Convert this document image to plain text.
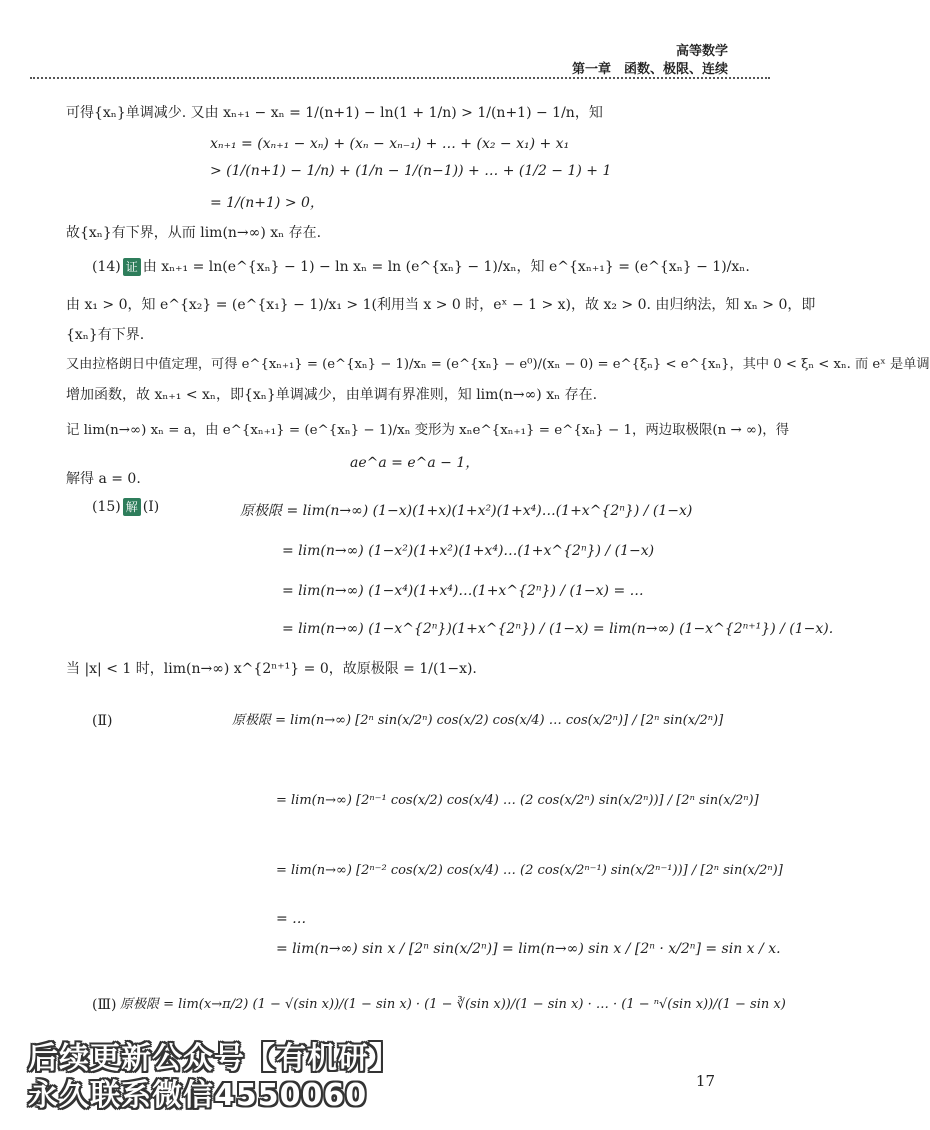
高等数学
第一章　函数、极限、连续
可得{xₙ}单调减少. 又由 xₙ₊₁ − xₙ = 1/(n+1) − ln(1 + 1/n) > 1/(n+1) − 1/n，知
xₙ₊₁ = (xₙ₊₁ − xₙ) + (xₙ − xₙ₋₁) + … + (x₂ − x₁) + x₁
> (1/(n+1) − 1/n) + (1/n − 1/(n−1)) + … + (1/2 − 1) + 1
= 1/(n+1) > 0，
故{xₙ}有下界，从而 lim(n→∞) xₙ 存在.
(14) 证 由 xₙ₊₁ = ln(e^{xₙ} − 1) − ln xₙ = ln (e^{xₙ} − 1)/xₙ，知 e^{xₙ₊₁} = (e^{xₙ} − 1)/xₙ.
由 x₁ > 0，知 e^{x₂} = (e^{x₁} − 1)/x₁ > 1(利用当 x > 0 时，eˣ − 1 > x)，故 x₂ > 0. 由归纳法，知 xₙ > 0，即
{xₙ}有下界.
又由拉格朗日中值定理，可得 e^{xₙ₊₁} = (e^{xₙ} − 1)/xₙ = (e^{xₙ} − e⁰)/(xₙ − 0) = e^{ξₙ} < e^{xₙ}，其中 0 < ξₙ < xₙ. 而 eˣ 是单调
增加函数，故 xₙ₊₁ < xₙ，即{xₙ}单调减少，由单调有界准则，知 lim(n→∞) xₙ 存在.
记 lim(n→∞) xₙ = a，由 e^{xₙ₊₁} = (e^{xₙ} − 1)/xₙ 变形为 xₙe^{xₙ₊₁} = e^{xₙ} − 1，两边取极限(n → ∞)，得
ae^a = e^a − 1，
解得 a = 0.
(15) 解 (Ⅰ)	原极限 = lim(n→∞) (1−x)(1+x)(1+x²)(1+x⁴)…(1+x^{2ⁿ}) / (1−x)
= lim(n→∞) (1−x²)(1+x²)(1+x⁴)…(1+x^{2ⁿ}) / (1−x)
= lim(n→∞) (1−x⁴)(1+x⁴)…(1+x^{2ⁿ}) / (1−x) = …
= lim(n→∞) (1−x^{2ⁿ})(1+x^{2ⁿ}) / (1−x) = lim(n→∞) (1−x^{2ⁿ⁺¹}) / (1−x).
当 |x| < 1 时，lim(n→∞) x^{2ⁿ⁺¹} = 0，故原极限 = 1/(1−x).
(Ⅱ)	原极限 = lim(n→∞) [2ⁿ sin(x/2ⁿ) cos(x/2) cos(x/4) … cos(x/2ⁿ)] / [2ⁿ sin(x/2ⁿ)]
= lim(n→∞) [2ⁿ⁻¹ cos(x/2) cos(x/4) … (2 cos(x/2ⁿ) sin(x/2ⁿ))] / [2ⁿ sin(x/2ⁿ)]
= lim(n→∞) [2ⁿ⁻² cos(x/2) cos(x/4) … (2 cos(x/2ⁿ⁻¹) sin(x/2ⁿ⁻¹))] / [2ⁿ sin(x/2ⁿ)]
= …
= lim(n→∞) sin x / [2ⁿ sin(x/2ⁿ)] = lim(n→∞) sin x / [2ⁿ · x/2ⁿ] = sin x / x.
(Ⅲ) 原极限 = lim(x→π/2) (1 − √(sin x))/(1 − sin x) · (1 − ∛(sin x))/(1 − sin x) · … · (1 − ⁿ√(sin x))/(1 − sin x)
后续更新公众号【有机研】
永久联系微信4550060	17
